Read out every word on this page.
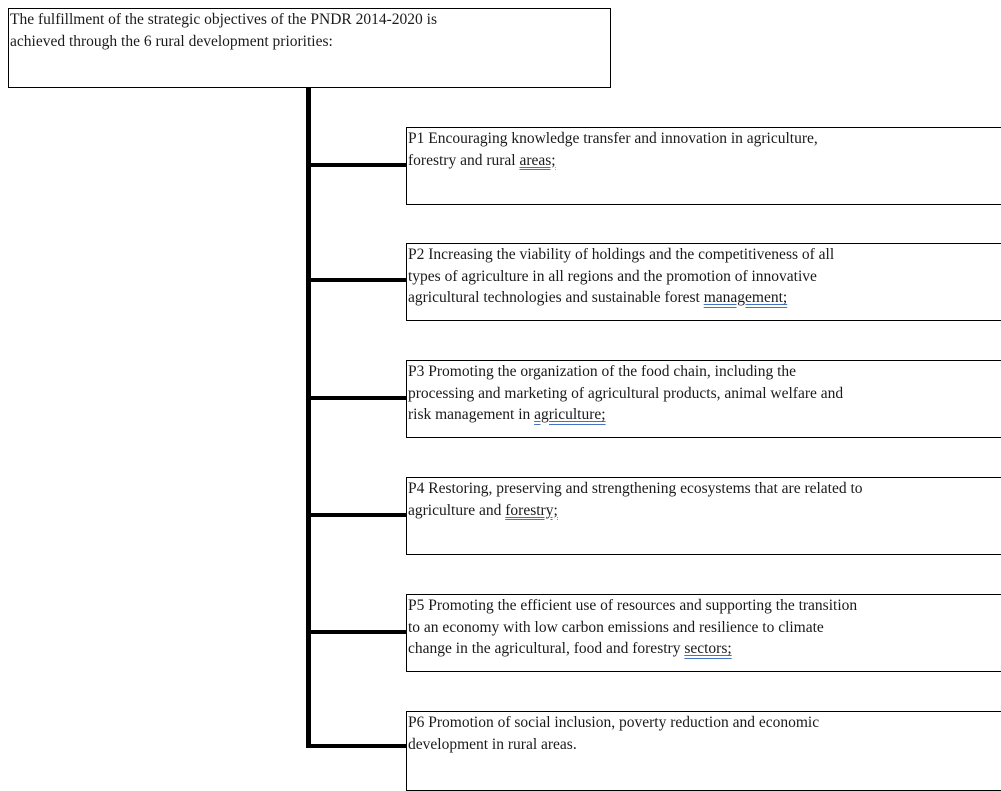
The fulfillment of the strategic objectives of the PNDR 2014-2020 is
achieved through the 6 rural development priorities:
P1 Encouraging knowledge transfer and innovation in agriculture,
forestry and rural areas;
P2 Increasing the viability of holdings and the competitiveness of all
types of agriculture in all regions and the promotion of innovative
agricultural technologies and sustainable forest management;
P3 Promoting the organization of the food chain, including the
processing and marketing of agricultural products, animal welfare and
risk management in agriculture;
P4 Restoring, preserving and strengthening ecosystems that are related to
agriculture and forestry;
P5 Promoting the efficient use of resources and supporting the transition
to an economy with low carbon emissions and resilience to climate
change in the agricultural, food and forestry sectors;
P6 Promotion of social inclusion, poverty reduction and economic
development in rural areas.
